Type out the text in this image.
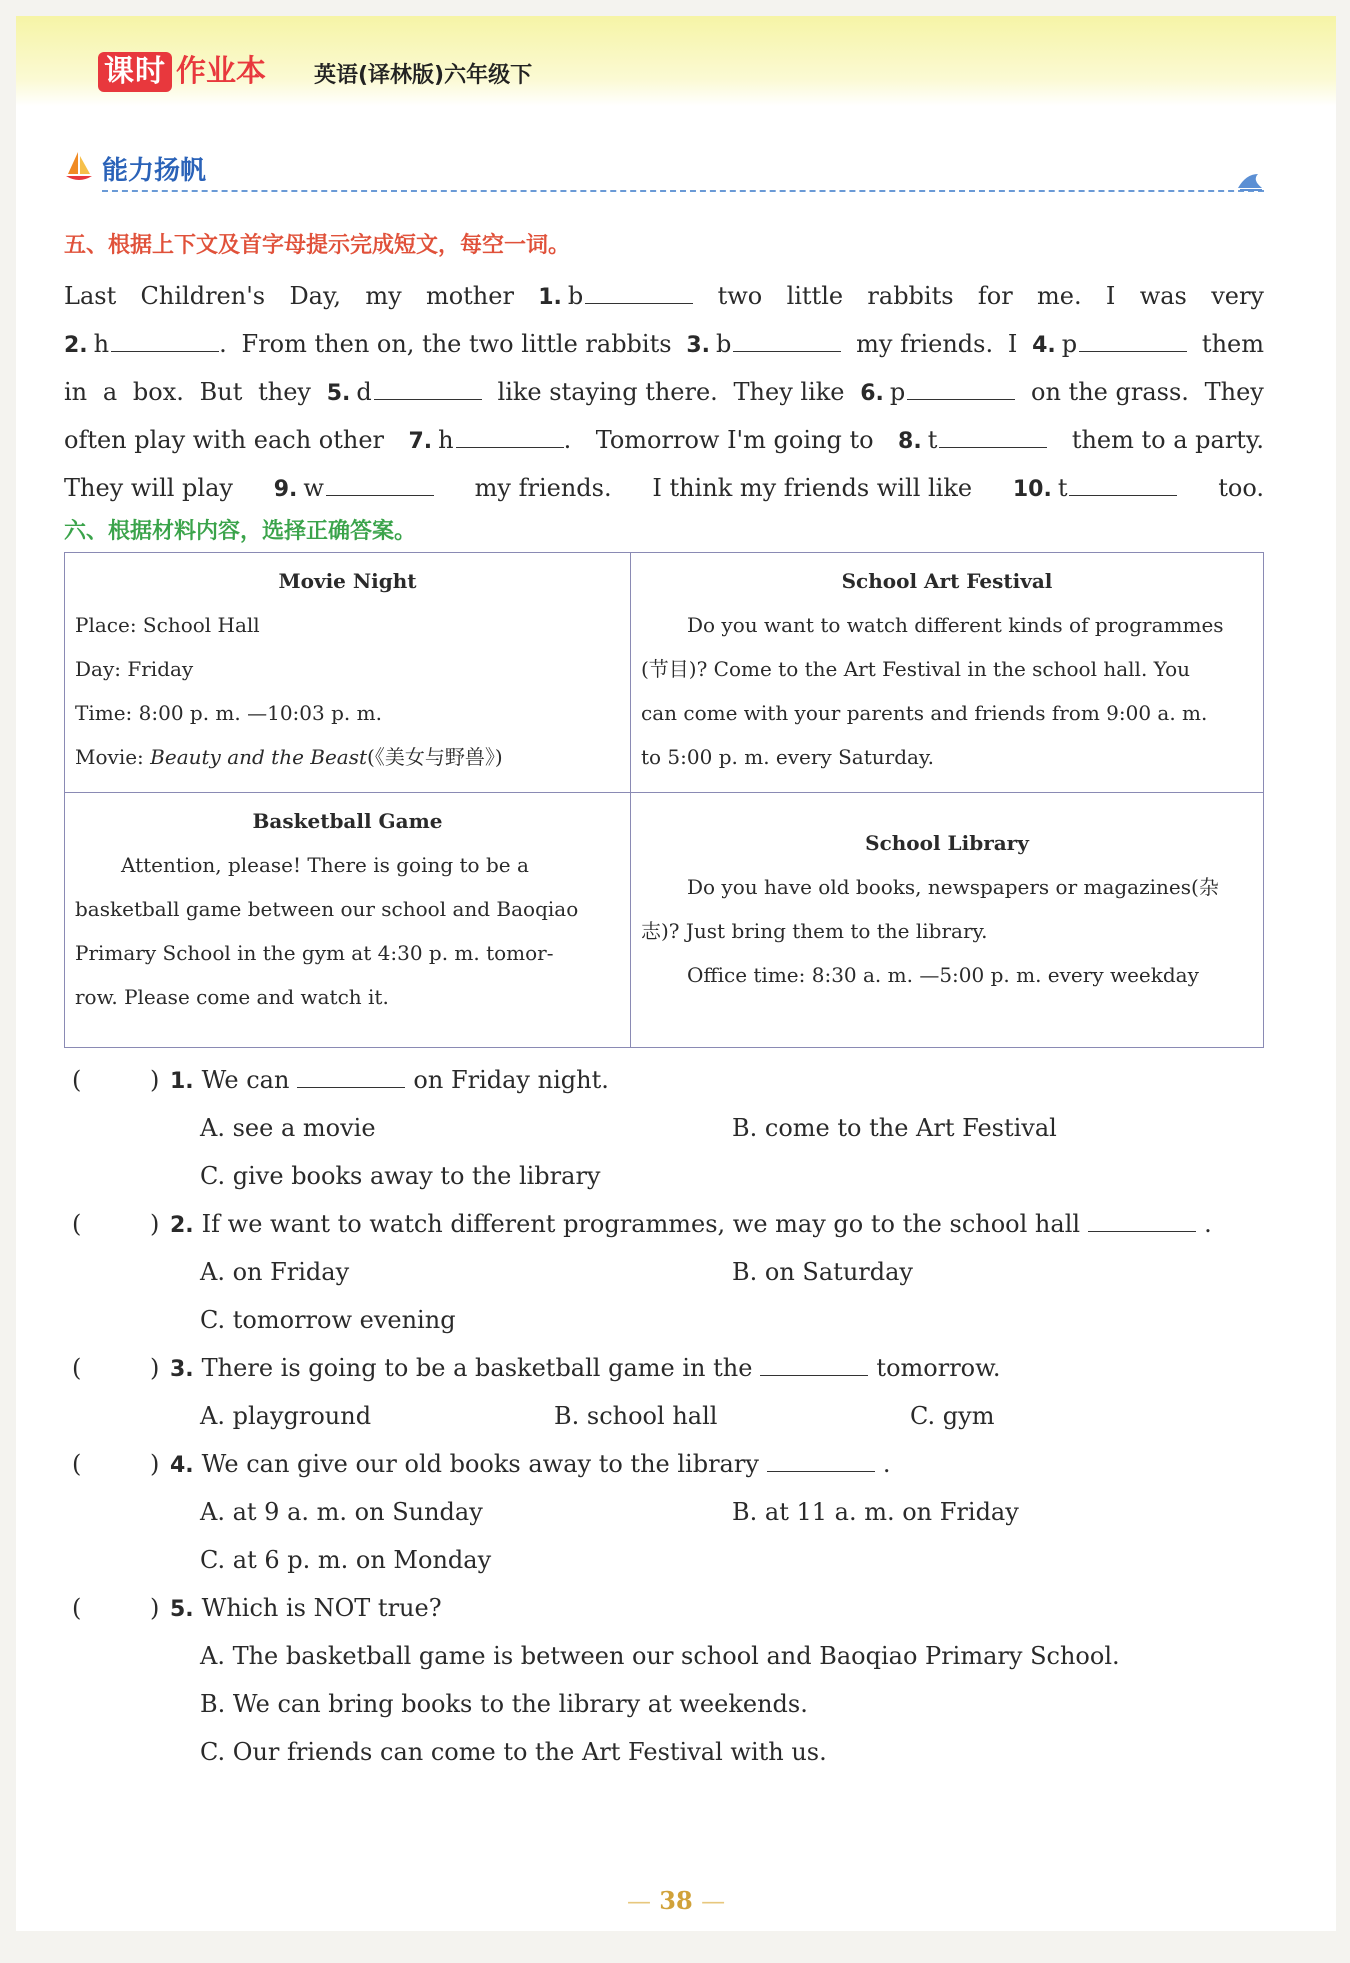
课时 作业本 英语(译林版)六年级下
能力扬帆
五、根据上下文及首字母提示完成短文，每空一词。
Last Children's Day, my mother 1. b	two little rabbits for me. I was very
2. h	. From then on, the two little rabbits 3. b	my friends. I 4. p	them
in a box. But they 5. d	like staying there. They like 6. p	on the grass. They
often play with each other 7. h	. Tomorrow I'm going to 8. t	them to a party.
They will play 9. w	my friends. I think my friends will like 10. t	too.
六、根据材料内容，选择正确答案。
Movie Night
Place: School Hall
Day: Friday
Time: 8:00 p. m. —10:03 p. m.
Movie: Beauty and the Beast(《美女与野兽》)
School Art Festival
Do you want to watch different kinds of programmes
(节目)? Come to the Art Festival in the school hall. You
can come with your parents and friends from 9:00 a. m.
to 5:00 p. m. every Saturday.
Basketball Game
Attention, please! There is going to be a
basketball game between our school and Baoqiao
Primary School in the gym at 4:30 p. m. tomor-
row. Please come and watch it.
School Library
Do you have old books, newspapers or magazines(杂
志)? Just bring them to the library.
Office time: 8:30 a. m. —5:00 p. m. every weekday
(	) 1. We can	on Friday night.
A. see a movie	B. come to the Art Festival
C. give books away to the library
(	) 2. If we want to watch different programmes, we may go to the school hall	.
A. on Friday	B. on Saturday
C. tomorrow evening
(	) 3. There is going to be a basketball game in the	tomorrow.
A. playground	B. school hall	C. gym
(	) 4. We can give our old books away to the library	.
A. at 9 a. m. on Sunday	B. at 11 a. m. on Friday
C. at 6 p. m. on Monday
(	) 5. Which is NOT true?
A. The basketball game is between our school and Baoqiao Primary School.
B. We can bring books to the library at weekends.
C. Our friends can come to the Art Festival with us.
— 38 —
